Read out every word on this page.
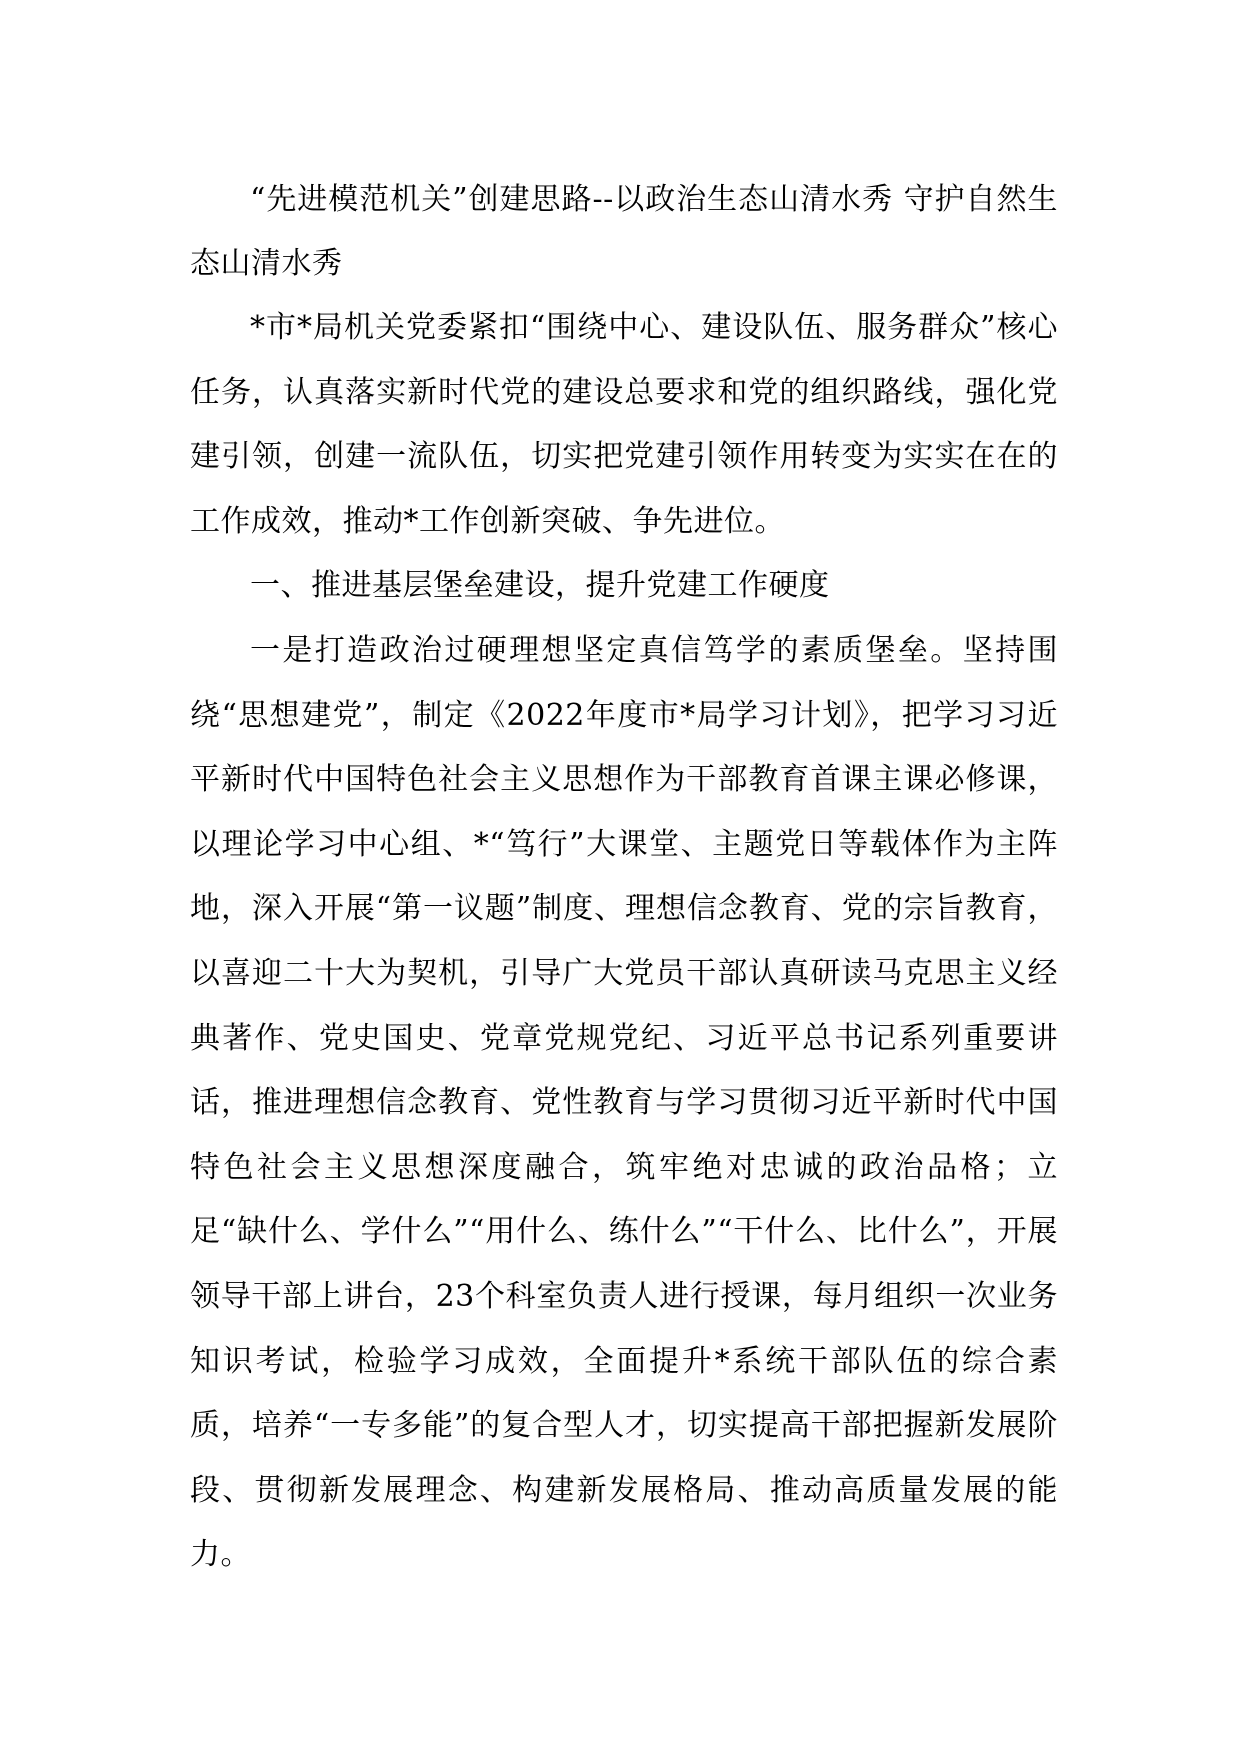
“先进模范机关”创建思路--以政治生态山清水秀 守护自然生态山清水秀

*市*局机关党委紧扣“围绕中心、建设队伍、服务群众”核心任务，认真落实新时代党的建设总要求和党的组织路线，强化党建引领，创建一流队伍，切实把党建引领作用转变为实实在在的工作成效，推动*工作创新突破、争先进位。

一、推进基层堡垒建设，提升党建工作硬度

一是打造政治过硬理想坚定真信笃学的素质堡垒。坚持围绕“思想建党”，制定《2022年度市*局学习计划》，把学习习近平新时代中国特色社会主义思想作为干部教育首课主课必修课，以理论学习中心组、*“笃行”大课堂、主题党日等载体作为主阵地，深入开展“第一议题”制度、理想信念教育、党的宗旨教育，以喜迎二十大为契机，引导广大党员干部认真研读马克思主义经典著作、党史国史、党章党规党纪、习近平总书记系列重要讲话，推进理想信念教育、党性教育与学习贯彻习近平新时代中国特色社会主义思想深度融合，筑牢绝对忠诚的政治品格；立足“缺什么、学什么”“用什么、练什么”“干什么、比什么”，开展领导干部上讲台，23个科室负责人进行授课，每月组织一次业务知识考试，检验学习成效，全面提升*系统干部队伍的综合素质，培养“一专多能”的复合型人才，切实提高干部把握新发展阶段、贯彻新发展理念、构建新发展格局、推动高质量发展的能力。
